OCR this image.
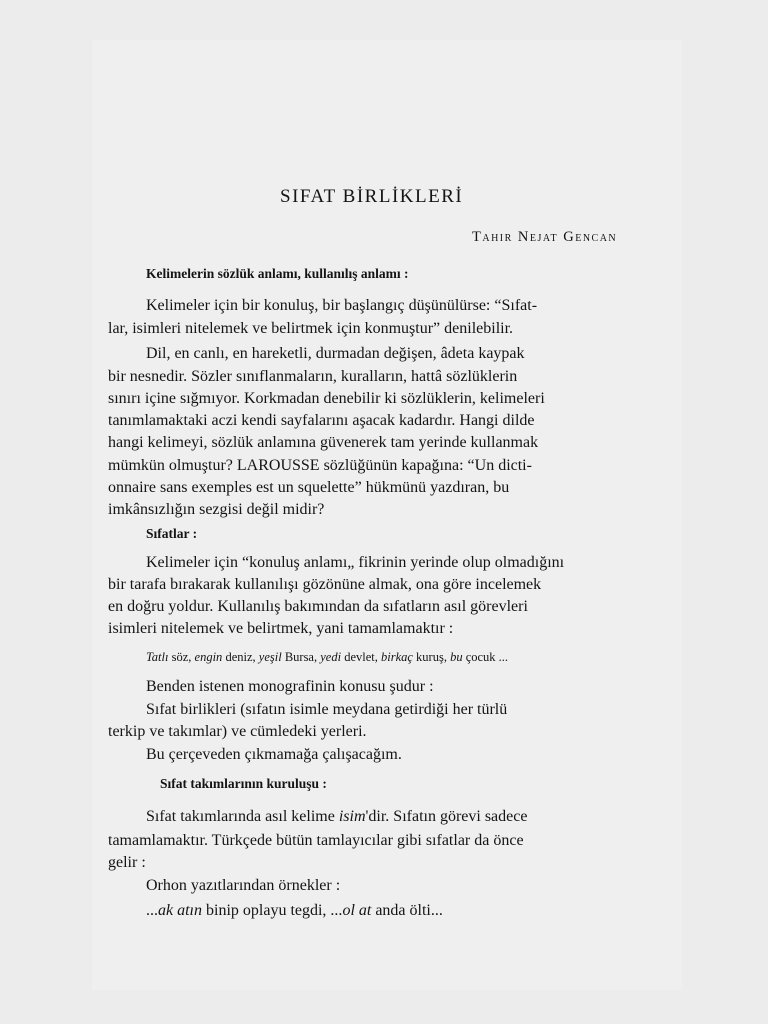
SIFAT BİRLİKLERİ
Tahir Nejat Gencan
Kelimelerin sözlük anlamı, kullanılış anlamı :
Kelimeler için bir konuluş, bir başlangıç düşünülürse: “Sıfat-
lar, isimleri nitelemek ve belirtmek için konmuştur” denilebilir.
Dil, en canlı, en hareketli, durmadan değişen, âdeta kaypak
bir nesnedir. Sözler sınıflanmaların, kuralların, hattâ sözlüklerin
sınırı içine sığmıyor. Korkmadan denebilir ki sözlüklerin, kelimeleri
tanımlamaktaki aczi kendi sayfalarını aşacak kadardır. Hangi dilde
hangi kelimeyi, sözlük anlamına güvenerek tam yerinde kullanmak
mümkün olmuştur? LAROUSSE sözlüğünün kapağına: “Un dicti-
onnaire sans exemples est un squelette” hükmünü yazdıran, bu
imkânsızlığın sezgisi değil midir?
Sıfatlar :
Kelimeler için “konuluş anlamı„ fikrinin yerinde olup olmadığını
bir tarafa bırakarak kullanılışı gözönüne almak, ona göre incelemek
en doğru yoldur. Kullanılış bakımından da sıfatların asıl görevleri
isimleri nitelemek ve belirtmek, yani tamamlamaktır :
Tatlı söz, engin deniz, yeşil Bursa, yedi devlet, birkaç kuruş, bu çocuk ...
Benden istenen monografinin konusu şudur :
Sıfat birlikleri (sıfatın isimle meydana getirdiği her türlü
terkip ve takımlar) ve cümledeki yerleri.
Bu çerçeveden çıkmamağa çalışacağım.
Sıfat takımlarının kuruluşu :
Sıfat takımlarında asıl kelime isim'dir. Sıfatın görevi sadece
tamamlamaktır. Türkçede bütün tamlayıcılar gibi sıfatlar da önce
gelir :
Orhon yazıtlarından örnekler :
...ak atın binip oplayu tegdi, ...ol at anda ölti...
